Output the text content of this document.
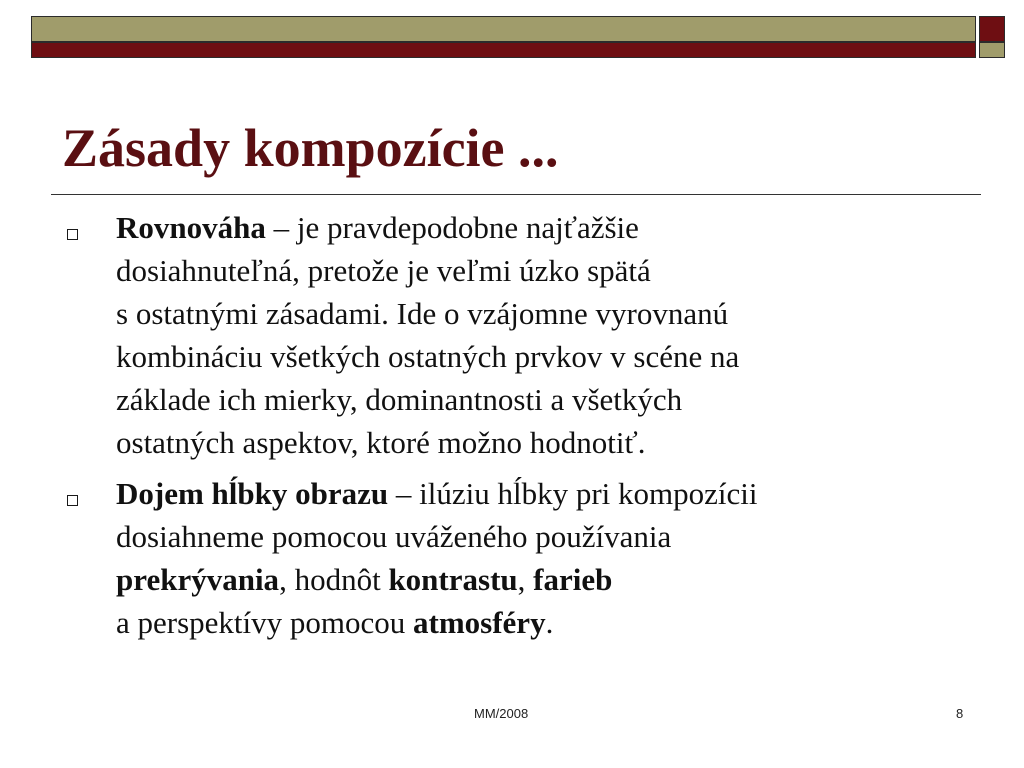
Zásady kompozície ...
Rovnováha – je pravdepodobne najťažšie
dosiahnuteľná, pretože je veľmi úzko spätá
s ostatnými zásadami. Ide o vzájomne vyrovnanú
kombináciu všetkých ostatných prvkov v scéne na
základe ich mierky, dominantnosti a všetkých
ostatných aspektov, ktoré možno hodnotiť.
Dojem hĺbky obrazu – ilúziu hĺbky pri kompozícii
dosiahneme pomocou uváženého používania
prekrývania, hodnôt kontrastu, farieb
a perspektívy pomocou atmosféry.
MM/2008	8
